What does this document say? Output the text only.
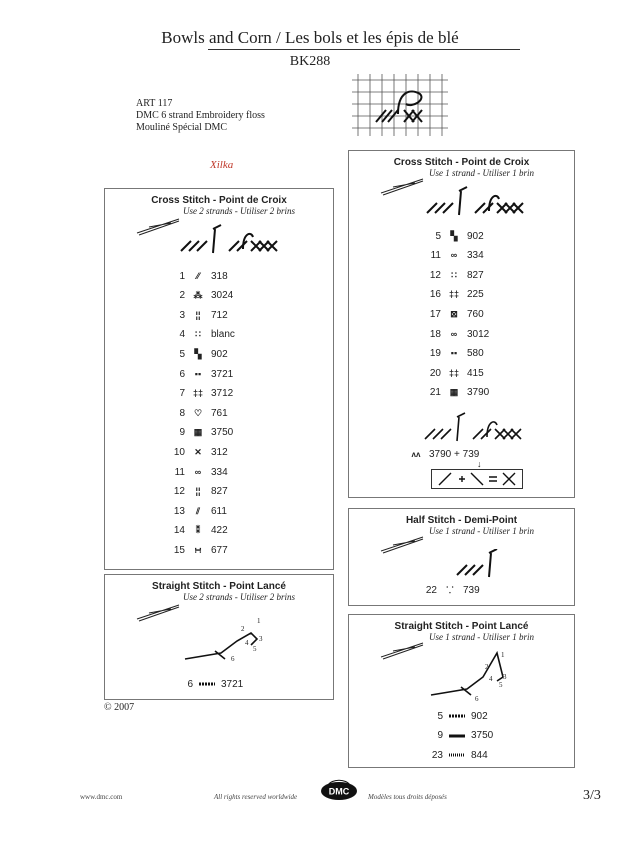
Bowls and Corn / Les bols et les épis de blé
BK288
ART 117
DMC 6 strand Embroidery floss
Mouliné Spécial DMC
Xilka
Cross Stitch - Point de Croix
Use 2 strands - Utiliser 2 brins
1	⁄⁄	318
2 ⁂ 3024
3	¦¦	712
4	∷	blanc
5	▚ 902
6	▪▪ 3721
7 ‡‡ 3712
8 ♡ 761
9 ▦ 3750
10	✕ 312
11	∞ 334
12	¦¦	827
13	⫽	611
14	⁑	422
15	∺ 677
Straight Stitch - Point Lancé
Use 2 strands - Utiliser 2 brins
1
2
3
4
5
6
6	3721
© 2007
Cross Stitch - Point de Croix
Use 1 strand - Utiliser 1 brin
5	▚ 902
11	∞ 334
12	∷	827
16 ‡‡ 225
17	⊠ 760
18	∞ 3012
19	▪▪ 580
20 ‡‡ 415
21 ▦ 3790
ʌʌ 3790 + 739
↓
Half Stitch - Demi-Point
Use 1 strand - Utiliser 1 brin
22	⸪ 739
Straight Stitch - Point Lancé
Use 1 strand - Utiliser 1 brin
1
2
3
4
5
6
5	902
9	3750
23	844
www.dmc.com	All rights reserved worldwide
DMC
Modèles tous droits déposés	3/3
